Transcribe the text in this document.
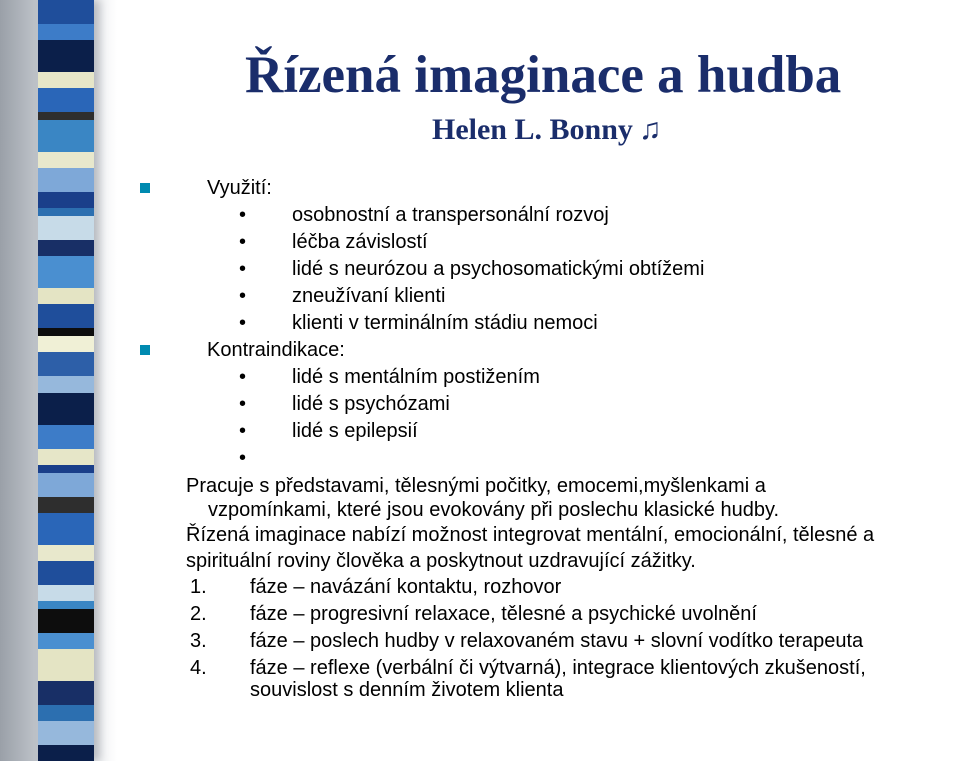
Řízená imaginace a hudba
Helen L. Bonny ♫
Využití:
• osobnostní a transpersonální rozvoj
• léčba závislostí
• lidé s neurózou a psychosomatickými obtížemi
• zneužívaní klienti
• klienti v terminálním stádiu nemoci
Kontraindikace:
• lidé s mentálním postižením
• lidé s psychózami
• lidé s epilepsií
•
Pracuje s představami, tělesnými počitky, emocemi,myšlenkami a
vzpomínkami, které jsou evokovány při poslechu klasické hudby.
Řízená imaginace nabízí možnost integrovat mentální, emocionální, tělesné a
spirituální roviny člověka a poskytnout uzdravující zážitky.
1. fáze – navázání kontaktu, rozhovor
2. fáze – progresivní relaxace, tělesné a psychické uvolnění
3. fáze – poslech hudby v relaxovaném stavu + slovní vodítko terapeuta
4. fáze – reflexe (verbální či výtvarná), integrace klientových zkušeností,
souvislost s denním životem klienta
